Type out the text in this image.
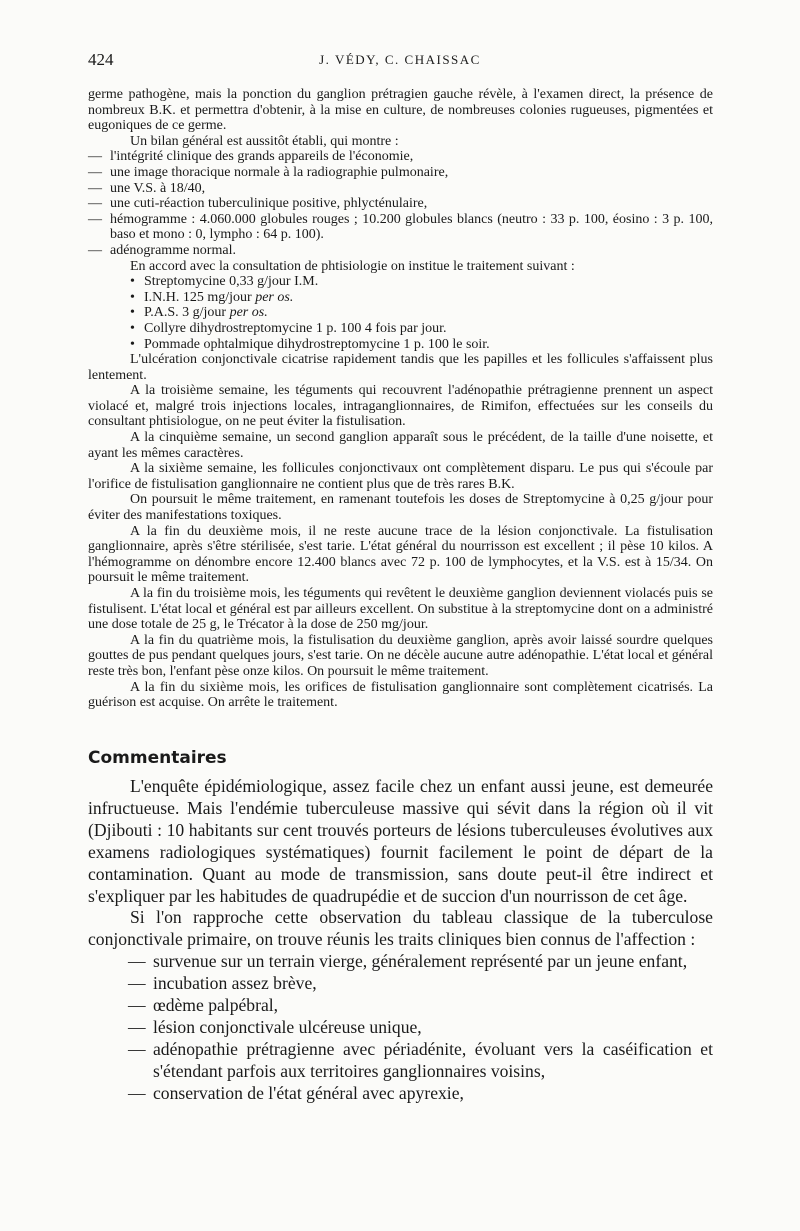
424	J. VÉDY, C. CHAISSAC

germe pathogène, mais la ponction du ganglion prétragien gauche révèle, à l'examen direct, la présence de nombreux B.K. et permettra d'obtenir, à la mise en culture, de nombreuses colonies rugueuses, pigmentées et eugoniques de ce germe.

Un bilan général est aussitôt établi, qui montre :

— l'intégrité clinique des grands appareils de l'économie,

— une image thoracique normale à la radiographie pulmonaire,

— une V.S. à 18/40,

— une cuti-réaction tuberculinique positive, phlycténulaire,

— hémogramme : 4.060.000 globules rouges ; 10.200 globules blancs (neutro : 33 p. 100, éosino : 3 p. 100, baso et mono : 0, lympho : 64 p. 100).

— adénogramme normal.

En accord avec la consultation de phtisiologie on institue le traitement suivant :

• Streptomycine 0,33 g/jour I.M.

• I.N.H. 125 mg/jour per os.

• P.A.S. 3 g/jour per os.

• Collyre dihydrostreptomycine 1 p. 100 4 fois par jour.

• Pommade ophtalmique dihydrostreptomycine 1 p. 100 le soir.

L'ulcération conjonctivale cicatrise rapidement tandis que les papilles et les follicules s'affaissent plus lentement.

A la troisième semaine, les téguments qui recouvrent l'adénopathie prétragienne prennent un aspect violacé et, malgré trois injections locales, intraganglionnaires, de Rimifon, effectuées sur les conseils du consultant phtisiologue, on ne peut éviter la fistulisation.

A la cinquième semaine, un second ganglion apparaît sous le précédent, de la taille d'une noisette, et ayant les mêmes caractères.

A la sixième semaine, les follicules conjonctivaux ont complètement disparu. Le pus qui s'écoule par l'orifice de fistulisation ganglionnaire ne contient plus que de très rares B.K.

On poursuit le même traitement, en ramenant toutefois les doses de Streptomycine à 0,25 g/jour pour éviter des manifestations toxiques.

A la fin du deuxième mois, il ne reste aucune trace de la lésion conjonctivale. La fistulisation ganglionnaire, après s'être stérilisée, s'est tarie. L'état général du nourrisson est excellent ; il pèse 10 kilos. A l'hémogramme on dénombre encore 12.400 blancs avec 72 p. 100 de lymphocytes, et la V.S. est à 15/34. On poursuit le même traitement.

A la fin du troisième mois, les téguments qui revêtent le deuxième ganglion deviennent violacés puis se fistulisent. L'état local et général est par ailleurs excellent. On substitue à la streptomycine dont on a administré une dose totale de 25 g, le Trécator à la dose de 250 mg/jour.

A la fin du quatrième mois, la fistulisation du deuxième ganglion, après avoir laissé sourdre quelques gouttes de pus pendant quelques jours, s'est tarie. On ne décèle aucune autre adénopathie. L'état local et général reste très bon, l'enfant pèse onze kilos. On poursuit le même traitement.

A la fin du sixième mois, les orifices de fistulisation ganglionnaire sont complètement cicatrisés. La guérison est acquise. On arrête le traitement.

Commentaires

L'enquête épidémiologique, assez facile chez un enfant aussi jeune, est demeurée infructueuse. Mais l'endémie tuberculeuse massive qui sévit dans la région où il vit (Djibouti : 10 habitants sur cent trouvés porteurs de lésions tuberculeuses évolutives aux examens radiologiques systématiques) fournit facilement le point de départ de la contamination. Quant au mode de transmission, sans doute peut-il être indirect et s'expliquer par les habitudes de quadrupédie et de succion d'un nourrisson de cet âge.

Si l'on rapproche cette observation du tableau classique de la tuberculose conjonctivale primaire, on trouve réunis les traits cliniques bien connus de l'affection :

— survenue sur un terrain vierge, généralement représenté par un jeune enfant,

— incubation assez brève,

— œdème palpébral,

— lésion conjonctivale ulcéreuse unique,

— adénopathie prétragienne avec périadénite, évoluant vers la caséification et s'étendant parfois aux territoires ganglionnaires voisins,

— conservation de l'état général avec apyrexie,
